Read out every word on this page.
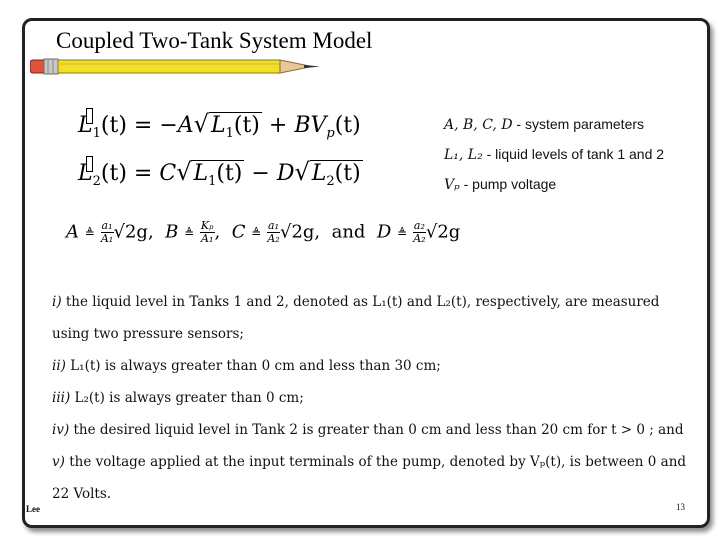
Coupled Two-Tank System Model
$L_1(t) = -A√L_1(t) + BV_p(t)$
$L_2(t) = C√L_1(t) - D√L_2(t)$
A, B, C, D - system parameters
L₁, L₂ - liquid levels of tank 1 and 2
Vₚ - pump voltage
A ≜ $\frac{\text{a₁}}{\text{A₁}} √2g$, B ≜ $\frac{\text{Kₚ}}{\text{A₁}}$ , C ≜ $\frac{\text{a₁}}{\text{A₂}} √2g$, and D ≜ $\frac{\text{a₂}}{\text{A₂}} √2g$

i) the liquid level in Tanks 1 and 2, denoted as L₁(t) and L₂(t), respectively, are measured

using two pressure sensors;

ii) L₁(t) is always greater than 0 cm and less than 30 cm;

iii) L₂(t) is always greater than 0 cm;

iv) the desired liquid level in Tank 2 is greater than 0 cm and less than 20 cm for t > 0 ; and

v) the voltage applied at the input terminals of the pump, denoted by Vₚ(t), is between 0 and

22 Volts.

Lee	13
